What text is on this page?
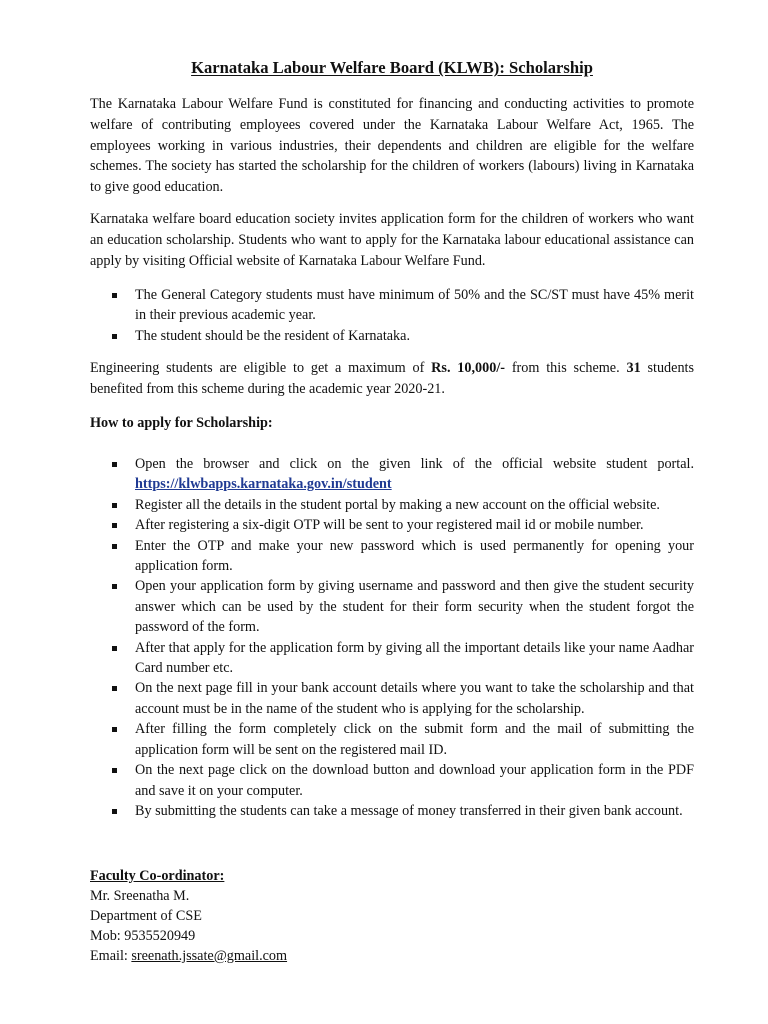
Karnataka Labour Welfare Board (KLWB): Scholarship

The Karnataka Labour Welfare Fund is constituted for financing and conducting activities to promote welfare of contributing employees covered under the Karnataka Labour Welfare Act, 1965. The employees working in various industries, their dependents and children are eligible for the welfare schemes. The society has started the scholarship for the children of workers (labours) living in Karnataka to give good education.

Karnataka welfare board education society invites application form for the children of workers who want an education scholarship. Students who want to apply for the Karnataka labour educational assistance can apply by visiting Official website of Karnataka Labour Welfare Fund.

The General Category students must have minimum of 50% and the SC/ST must have 45% merit in their previous academic year.
The student should be the resident of Karnataka.

Engineering students are eligible to get a maximum of Rs. 10,000/- from this scheme. 31 students benefited from this scheme during the academic year 2020-21.

How to apply for Scholarship:
Open the browser and click on the given link of the official website student portal. https://klwbapps.karnataka.gov.in/student
Register all the details in the student portal by making a new account on the official website.
After registering a six-digit OTP will be sent to your registered mail id or mobile number.
Enter the OTP and make your new password which is used permanently for opening your application form.
Open your application form by giving username and password and then give the student security answer which can be used by the student for their form security when the student forgot the password of the form.
After that apply for the application form by giving all the important details like your name Aadhar Card number etc.
On the next page fill in your bank account details where you want to take the scholarship and that account must be in the name of the student who is applying for the scholarship.
After filling the form completely click on the submit form and the mail of submitting the application form will be sent on the registered mail ID.
On the next page click on the download button and download your application form in the PDF and save it on your computer.
By submitting the students can take a message of money transferred in their given bank account.
Faculty Co-ordinator:
Mr. Sreenatha M.
Department of CSE
Mob: 9535520949
Email: sreenath.jssate@gmail.com
